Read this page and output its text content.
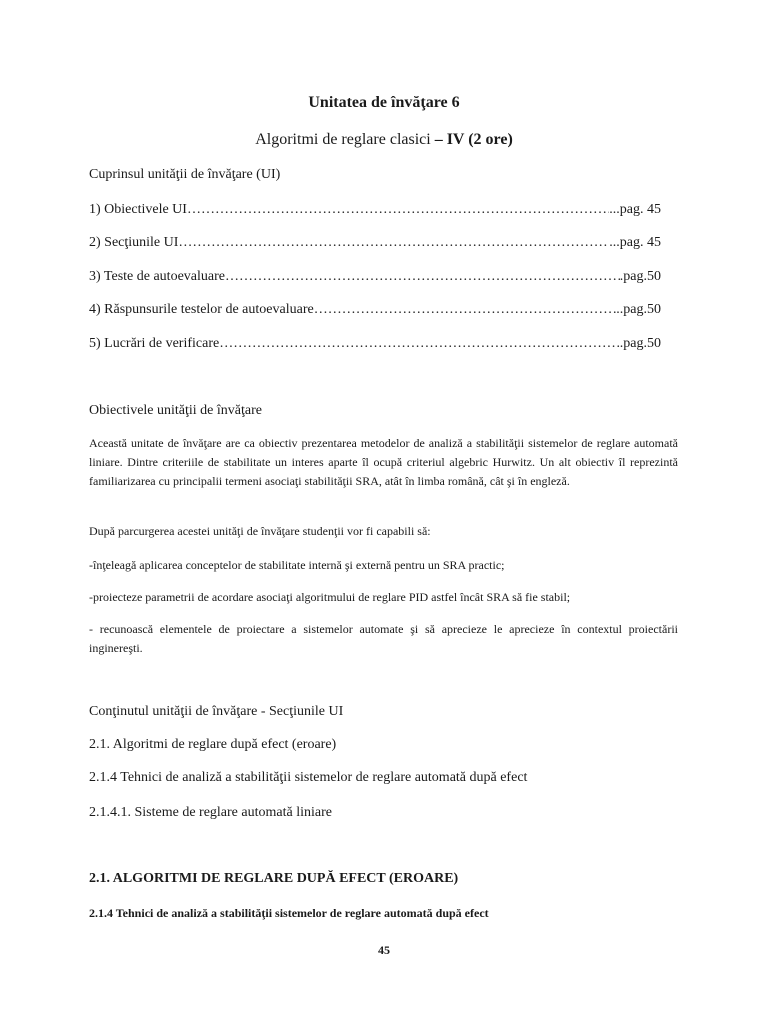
Unitatea de învăţare 6
Algoritmi de reglare clasici – IV (2 ore)
Cuprinsul unităţii de învăţare (UI)
1) Obiectivele UI ……………………………………………………………………………………………………………………………………	...pag. 45
2) Secţiunile UI ……………………………………………………………………………………………………………………………………	...pag. 45
3) Teste de autoevaluare ……………………………………………………………………………………………………………………………………	.pag.50
4) Răspunsurile testelor de autoevaluare ……………………………………………………………………………………………………………………………………	..pag.50
5) Lucrări de verificare ……………………………………………………………………………………………………………………………………	.pag.50
Obiectivele unităţii de învăţare
Această unitate de învăţare are ca obiectiv prezentarea metodelor de analiză a stabilităţii sistemelor de reglare automată liniare. Dintre criteriile de stabilitate un interes aparte îl ocupă criteriul algebric Hurwitz. Un alt obiectiv îl reprezintă familiarizarea cu principalii termeni asociaţi stabilităţii SRA, atât în limba română, cât şi în engleză.
După parcurgerea acestei unităţi de învăţare studenţii vor fi capabili să:
-înţeleagă aplicarea conceptelor de stabilitate internă şi externă pentru un SRA practic;
-proiecteze parametrii de acordare asociaţi algoritmului de reglare PID astfel încât SRA să fie stabil;
- recunoască elementele de proiectare a sistemelor automate şi să aprecieze le aprecieze în contextul proiectării inginereşti.
Conţinutul unităţii de învăţare - Secţiunile UI
2.1. Algoritmi de reglare după efect (eroare)
2.1.4 Tehnici de analiză a stabilităţii sistemelor de reglare automată după efect
2.1.4.1. Sisteme de reglare automată liniare
2.1. ALGORITMI DE REGLARE DUPĂ EFECT (EROARE)
2.1.4 Tehnici de analiză a stabilităţii sistemelor de reglare automată după efect
45
